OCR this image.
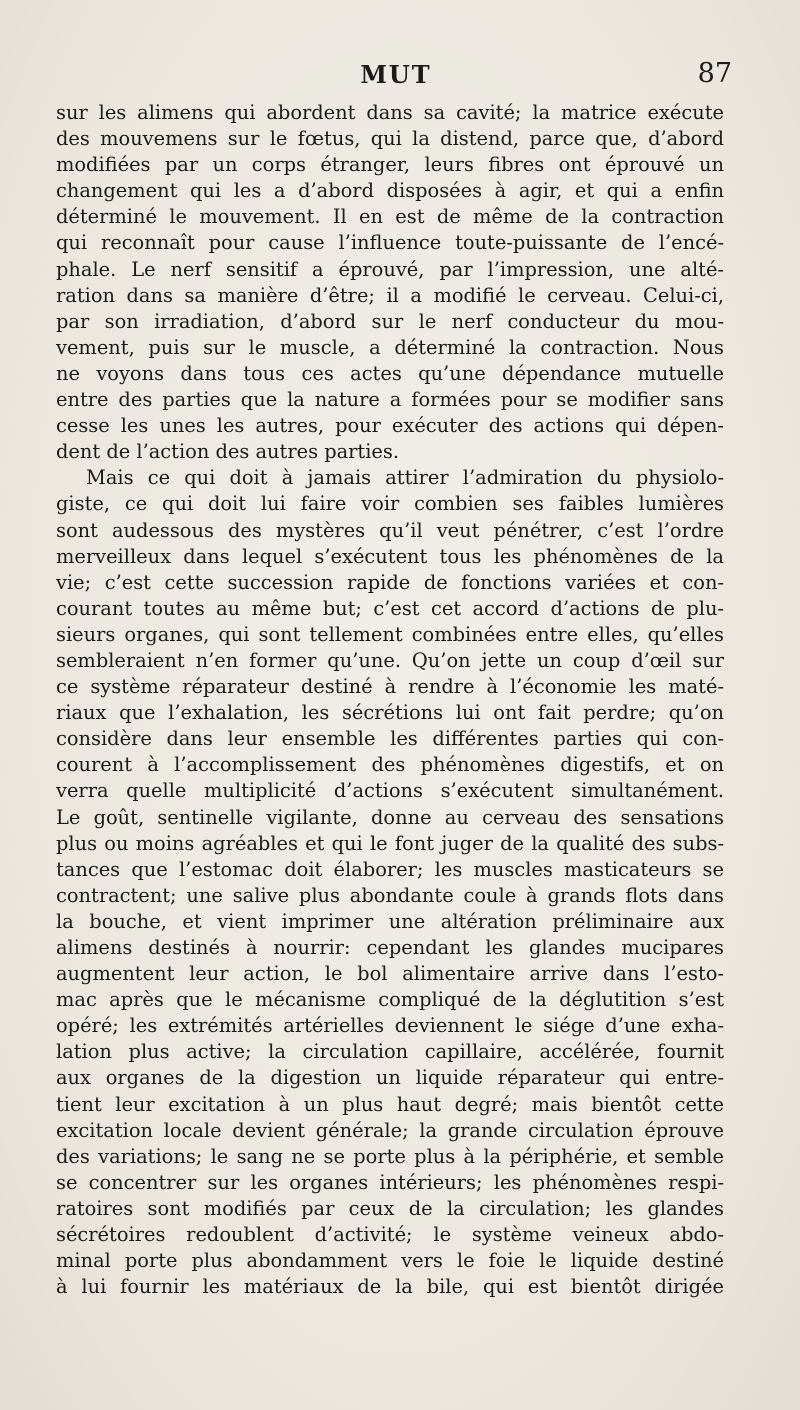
MUT	87
sur les alimens qui abordent dans sa cavité; la matrice exécute
des mouvemens sur le fœtus, qui la distend, parce que, d’abord
modifiées par un corps étranger, leurs fibres ont éprouvé un
changement qui les a d’abord disposées à agir, et qui a enfin
déterminé le mouvement. Il en est de même de la contraction
qui reconnaît pour cause l’influence toute-puissante de l’encé-
phale. Le nerf sensitif a éprouvé, par l’impression, une alté-
ration dans sa manière d’être; il a modifié le cerveau. Celui-ci,
par son irradiation, d’abord sur le nerf conducteur du mou-
vement, puis sur le muscle, a déterminé la contraction. Nous
ne voyons dans tous ces actes qu’une dépendance mutuelle
entre des parties que la nature a formées pour se modifier sans
cesse les unes les autres, pour exécuter des actions qui dépen-
dent de l’action des autres parties.
Mais ce qui doit à jamais attirer l’admiration du physiolo-
giste, ce qui doit lui faire voir combien ses faibles lumières
sont audessous des mystères qu’il veut pénétrer, c’est l’ordre
merveilleux dans lequel s’exécutent tous les phénomènes de la
vie; c’est cette succession rapide de fonctions variées et con-
courant toutes au même but; c’est cet accord d’actions de plu-
sieurs organes, qui sont tellement combinées entre elles, qu’elles
sembleraient n’en former qu’une. Qu’on jette un coup d’œil sur
ce système réparateur destiné à rendre à l’économie les maté-
riaux que l’exhalation, les sécrétions lui ont fait perdre; qu’on
considère dans leur ensemble les différentes parties qui con-
courent à l’accomplissement des phénomènes digestifs, et on
verra quelle multiplicité d’actions s’exécutent simultanément.
Le goût, sentinelle vigilante, donne au cerveau des sensations
plus ou moins agréables et qui le font juger de la qualité des subs-
tances que l’estomac doit élaborer; les muscles masticateurs se
contractent; une salive plus abondante coule à grands flots dans
la bouche, et vient imprimer une altération préliminaire aux
alimens destinés à nourrir: cependant les glandes mucipares
augmentent leur action, le bol alimentaire arrive dans l’esto-
mac après que le mécanisme compliqué de la déglutition s’est
opéré; les extrémités artérielles deviennent le siége d’une exha-
lation plus active; la circulation capillaire, accélérée, fournit
aux organes de la digestion un liquide réparateur qui entre-
tient leur excitation à un plus haut degré; mais bientôt cette
excitation locale devient générale; la grande circulation éprouve
des variations; le sang ne se porte plus à la périphérie, et semble
se concentrer sur les organes intérieurs; les phénomènes respi-
ratoires sont modifiés par ceux de la circulation; les glandes
sécrétoires redoublent d’activité; le système veineux abdo-
minal porte plus abondamment vers le foie le liquide destiné
à lui fournir les matériaux de la bile, qui est bientôt dirigée
